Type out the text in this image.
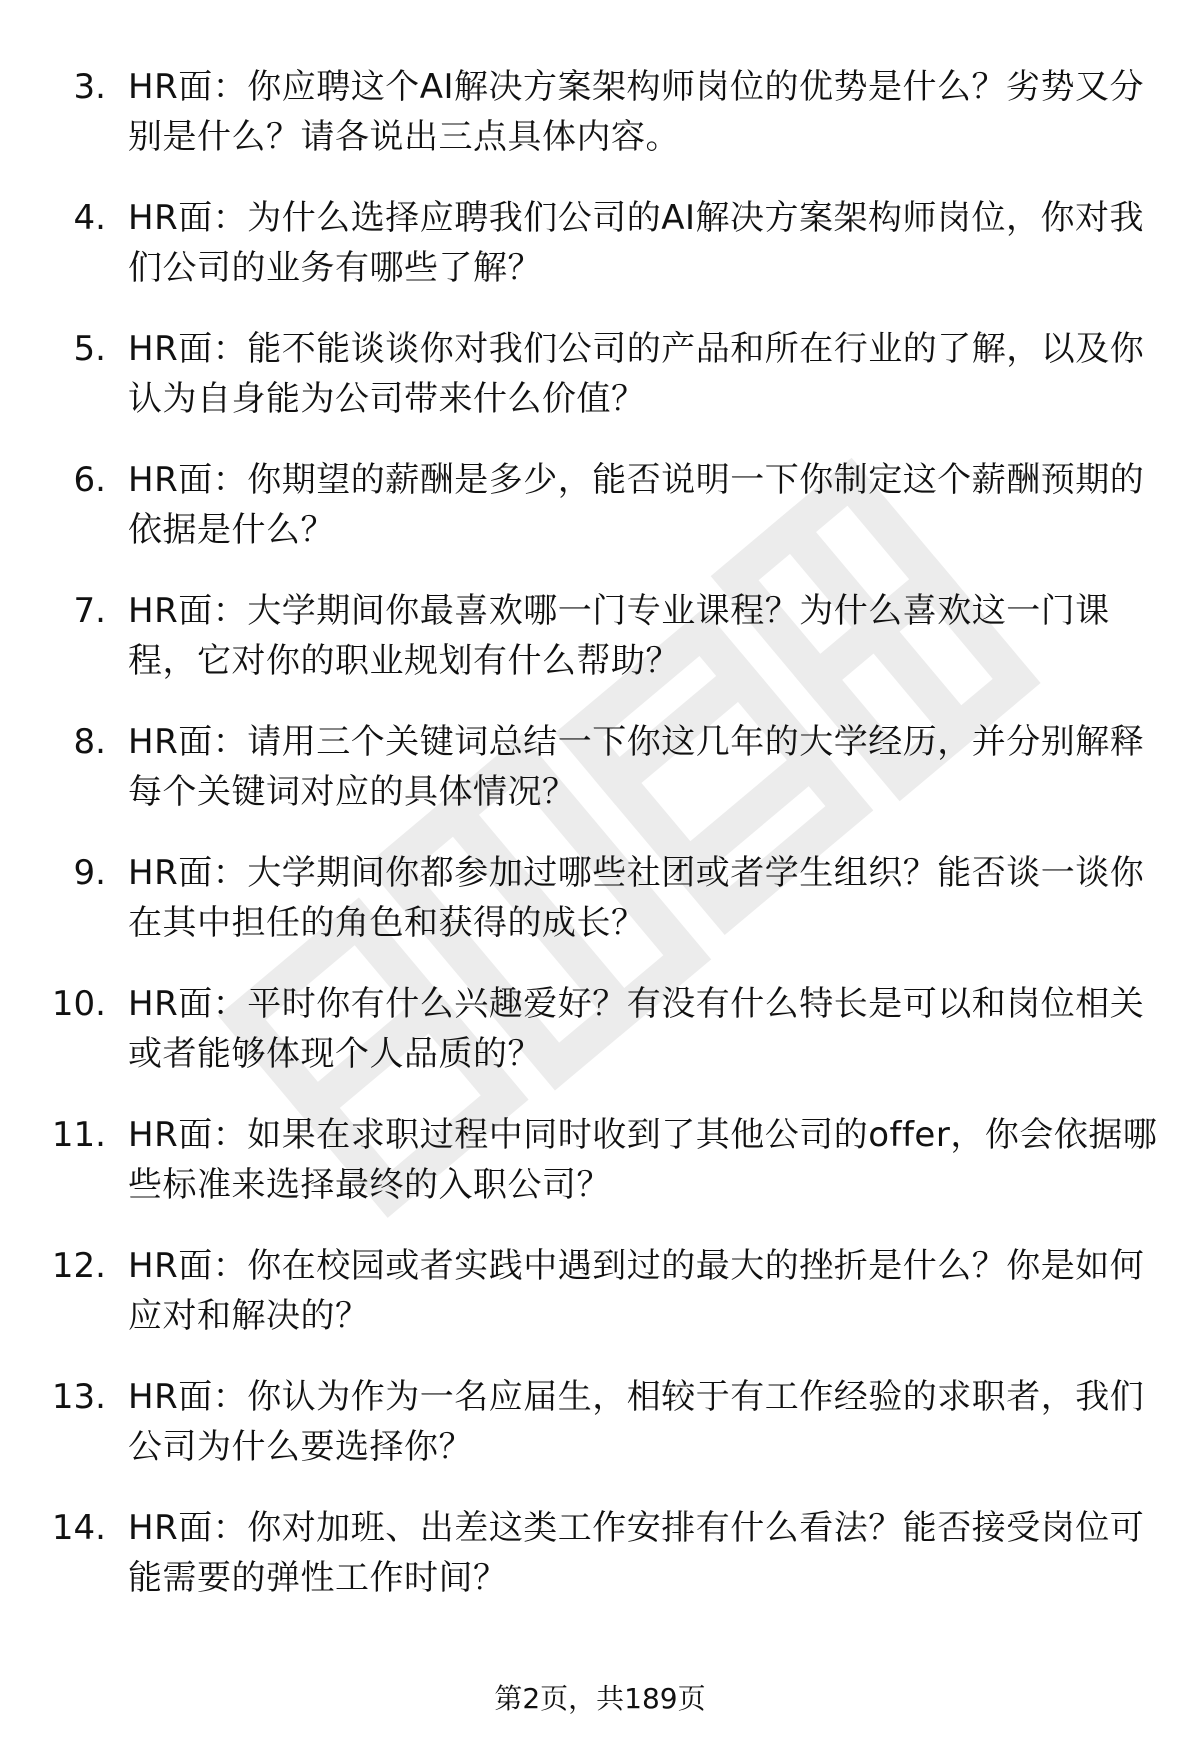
3. HR面：你应聘这个AI解决方案架构师岗位的优势是什么？劣势又分别是什么？请各说出三点具体内容。
4. HR面：为什么选择应聘我们公司的AI解决方案架构师岗位，你对我们公司的业务有哪些了解？
5. HR面：能不能谈谈你对我们公司的产品和所在行业的了解，以及你认为自身能为公司带来什么价值？
6. HR面：你期望的薪酬是多少，能否说明一下你制定这个薪酬预期的依据是什么？
7. HR面：大学期间你最喜欢哪一门专业课程？为什么喜欢这一门课程，它对你的职业规划有什么帮助？
8. HR面：请用三个关键词总结一下你这几年的大学经历，并分别解释每个关键词对应的具体情况？
9. HR面：大学期间你都参加过哪些社团或者学生组织？能否谈一谈你在其中担任的角色和获得的成长？
10. HR面：平时你有什么兴趣爱好？有没有什么特长是可以和岗位相关或者能够体现个人品质的？
11. HR面：如果在求职过程中同时收到了其他公司的offer，你会依据哪些标准来选择最终的入职公司？
12. HR面：你在校园或者实践中遇到过的最大的挫折是什么？你是如何应对和解决的？
13. HR面：你认为作为一名应届生，相较于有工作经验的求职者，我们公司为什么要选择你？
14. HR面：你对加班、出差这类工作安排有什么看法？能否接受岗位可能需要的弹性工作时间？
第2页，共189页
